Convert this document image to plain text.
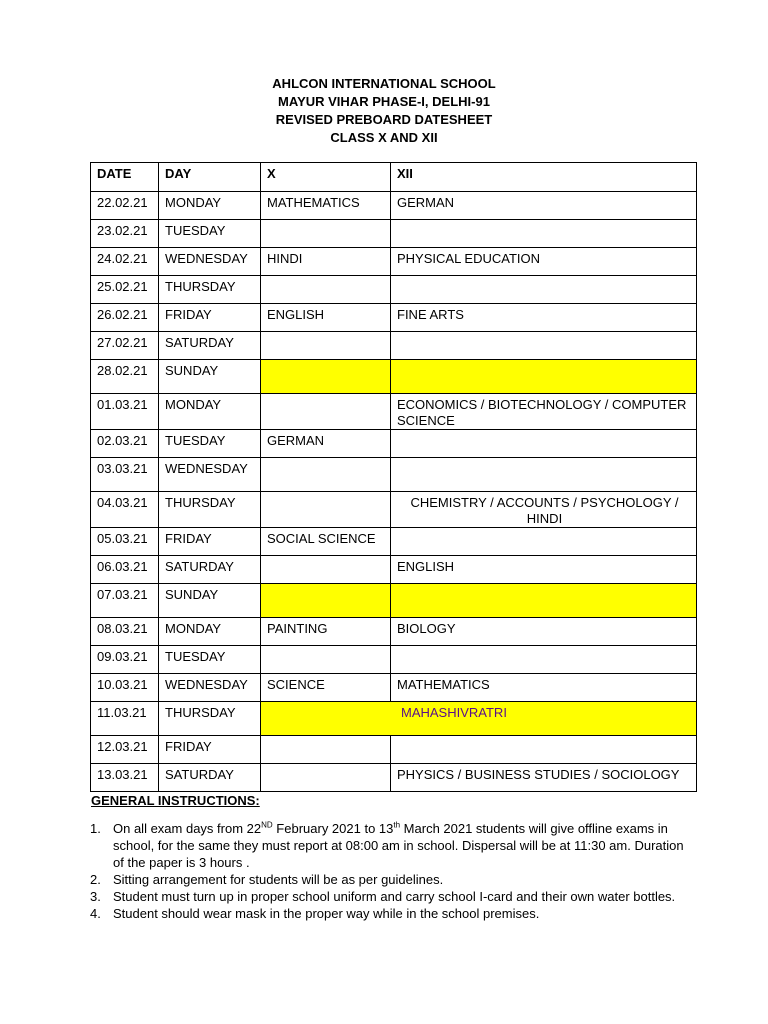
AHLCON INTERNATIONAL SCHOOL
MAYUR VIHAR PHASE-I, DELHI-91
REVISED PREBOARD DATESHEET
CLASS X AND XII
DATE	DAY	X	XII
22.02.21	MONDAY	MATHEMATICS	GERMAN
23.02.21	TUESDAY		
24.02.21	WEDNESDAY	HINDI	PHYSICAL EDUCATION
25.02.21	THURSDAY		
26.02.21	FRIDAY	ENGLISH	FINE ARTS
27.02.21	SATURDAY		
28.02.21	SUNDAY		
01.03.21	MONDAY		ECONOMICS / BIOTECHNOLOGY / COMPUTER SCIENCE
02.03.21	TUESDAY	GERMAN	
03.03.21	WEDNESDAY		
04.03.21	THURSDAY		CHEMISTRY / ACCOUNTS / PSYCHOLOGY / HINDI
05.03.21	FRIDAY	SOCIAL SCIENCE	
06.03.21	SATURDAY		ENGLISH
07.03.21	SUNDAY		
08.03.21	MONDAY	PAINTING	BIOLOGY
09.03.21	TUESDAY		
10.03.21	WEDNESDAY	SCIENCE	MATHEMATICS
11.03.21	THURSDAY	MAHASHIVRATRI	
12.03.21	FRIDAY		
13.03.21	SATURDAY		PHYSICS / BUSINESS STUDIES / SOCIOLOGY
GENERAL INSTRUCTIONS:
1. On all exam days from 22ND February 2021 to 13th March 2021 students will give offline exams in school, for the same they must report at 08:00 am in school. Dispersal will be at 11:30 am. Duration of the paper is 3 hours .
2. Sitting arrangement for students will be as per guidelines.
3. Student must turn up in proper school uniform and carry school I-card and their own water bottles.
4. Student should wear mask in the proper way while in the school premises.
